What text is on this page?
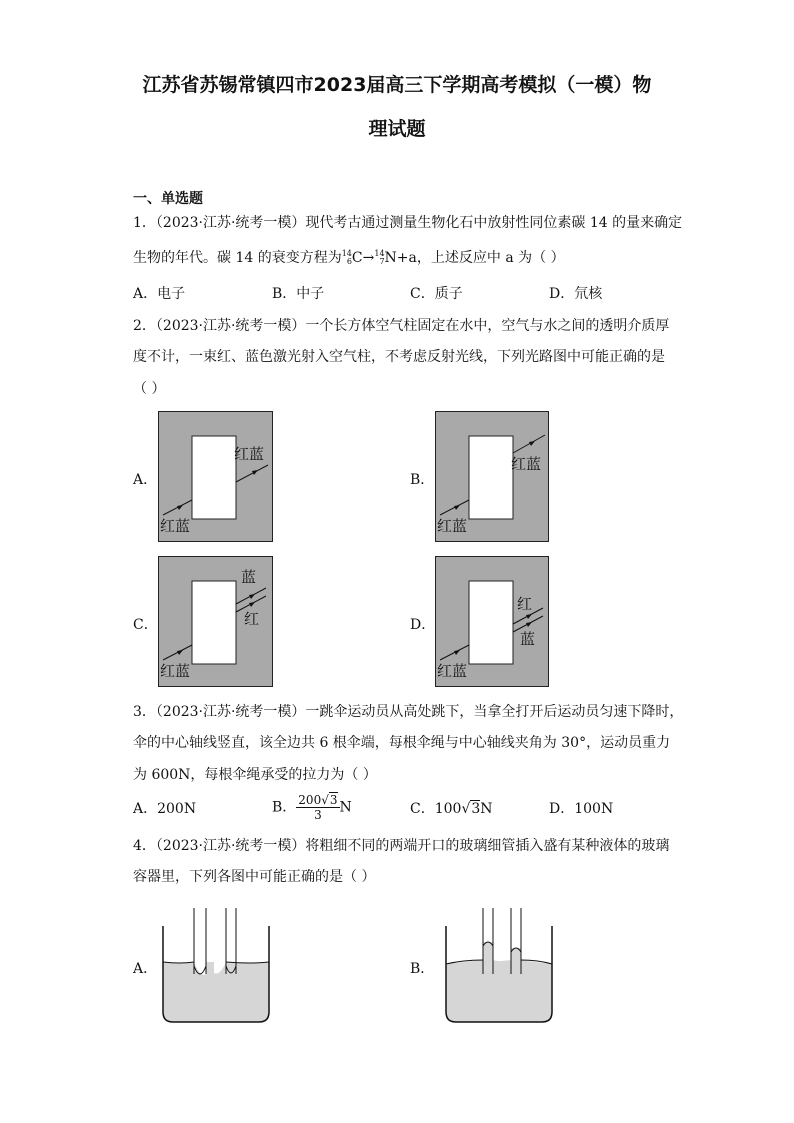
江苏省苏锡常镇四市2023届高三下学期高考模拟（一模）物
理试题
一、单选题
1．（2023·江苏·统考一模）现代考古通过测量生物化石中放射性同位素碳 14 的量来确定
生物的年代。碳 14 的衰变方程为14
6C→14
7N+a，上述反应中 a 为（ ）
A．电子	B．中子	C．质子	D．氘核
2．（2023·江苏·统考一模）一个长方体空气柱固定在水中，空气与水之间的透明介质厚
度不计，一束红、蓝色激光射入空气柱，不考虑反射光线，下列光路图中可能正确的是
（ ）
A．	B．
C．	D．
红蓝
红蓝
红蓝
红蓝
红蓝
蓝
红
红蓝
红
蓝
3．（2023·江苏·统考一模）一跳伞运动员从高处跳下，当拿全打开后运动员匀速下降时，
伞的中心轴线竖直，该全边共 6 根伞端，每根伞绳与中心轴线夹角为 30°，运动员重力
为 600N，每根伞绳承受的拉力为（ ）
A．200N	B． $\frac{200√3}{3}$ N	C．100√3N	D．100N
4．（2023·江苏·统考一模）将粗细不同的两端开口的玻璃细管插入盛有某种液体的玻璃
容器里，下列各图中可能正确的是（ ）
A．	B．
